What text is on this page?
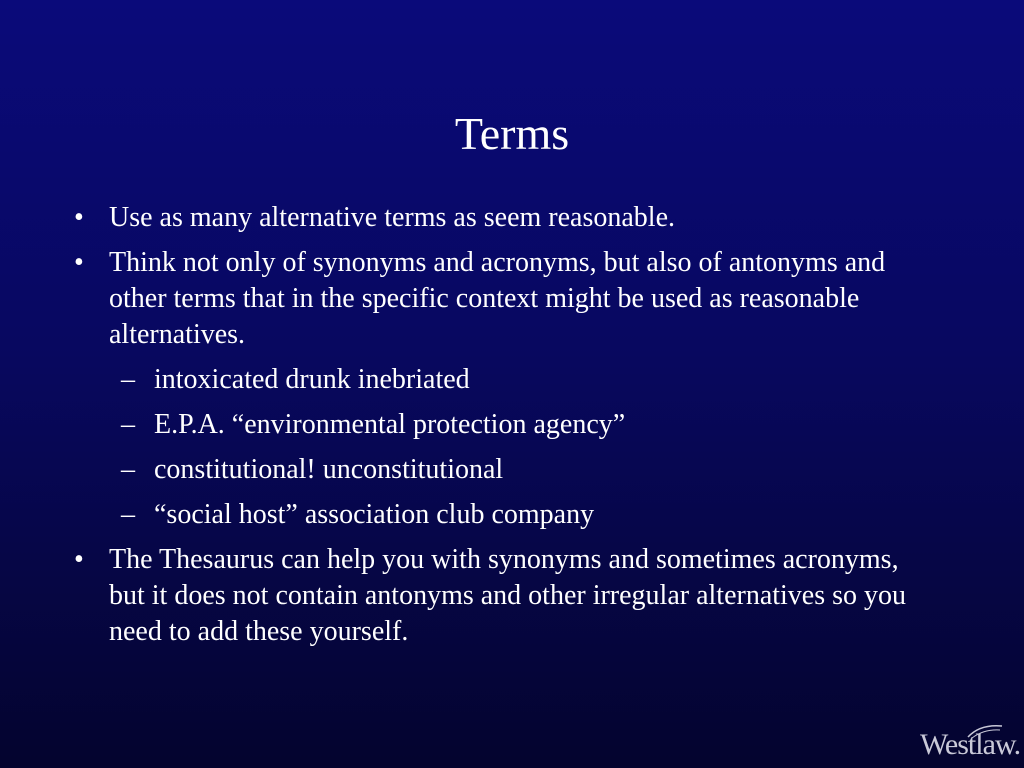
Terms
• Use as many alternative terms as seem reasonable.
• Think not only of synonyms and acronyms, but also of antonyms and other terms that in the specific context might be used as reasonable alternatives.
– intoxicated drunk inebriated
– E.P.A. “environmental protection agency”
– constitutional! unconstitutional
– “social host” association club company
• The Thesaurus can help you with synonyms and sometimes acronyms, but it does not contain antonyms and other irregular alternatives so you need to add these yourself.
Westlaw.
